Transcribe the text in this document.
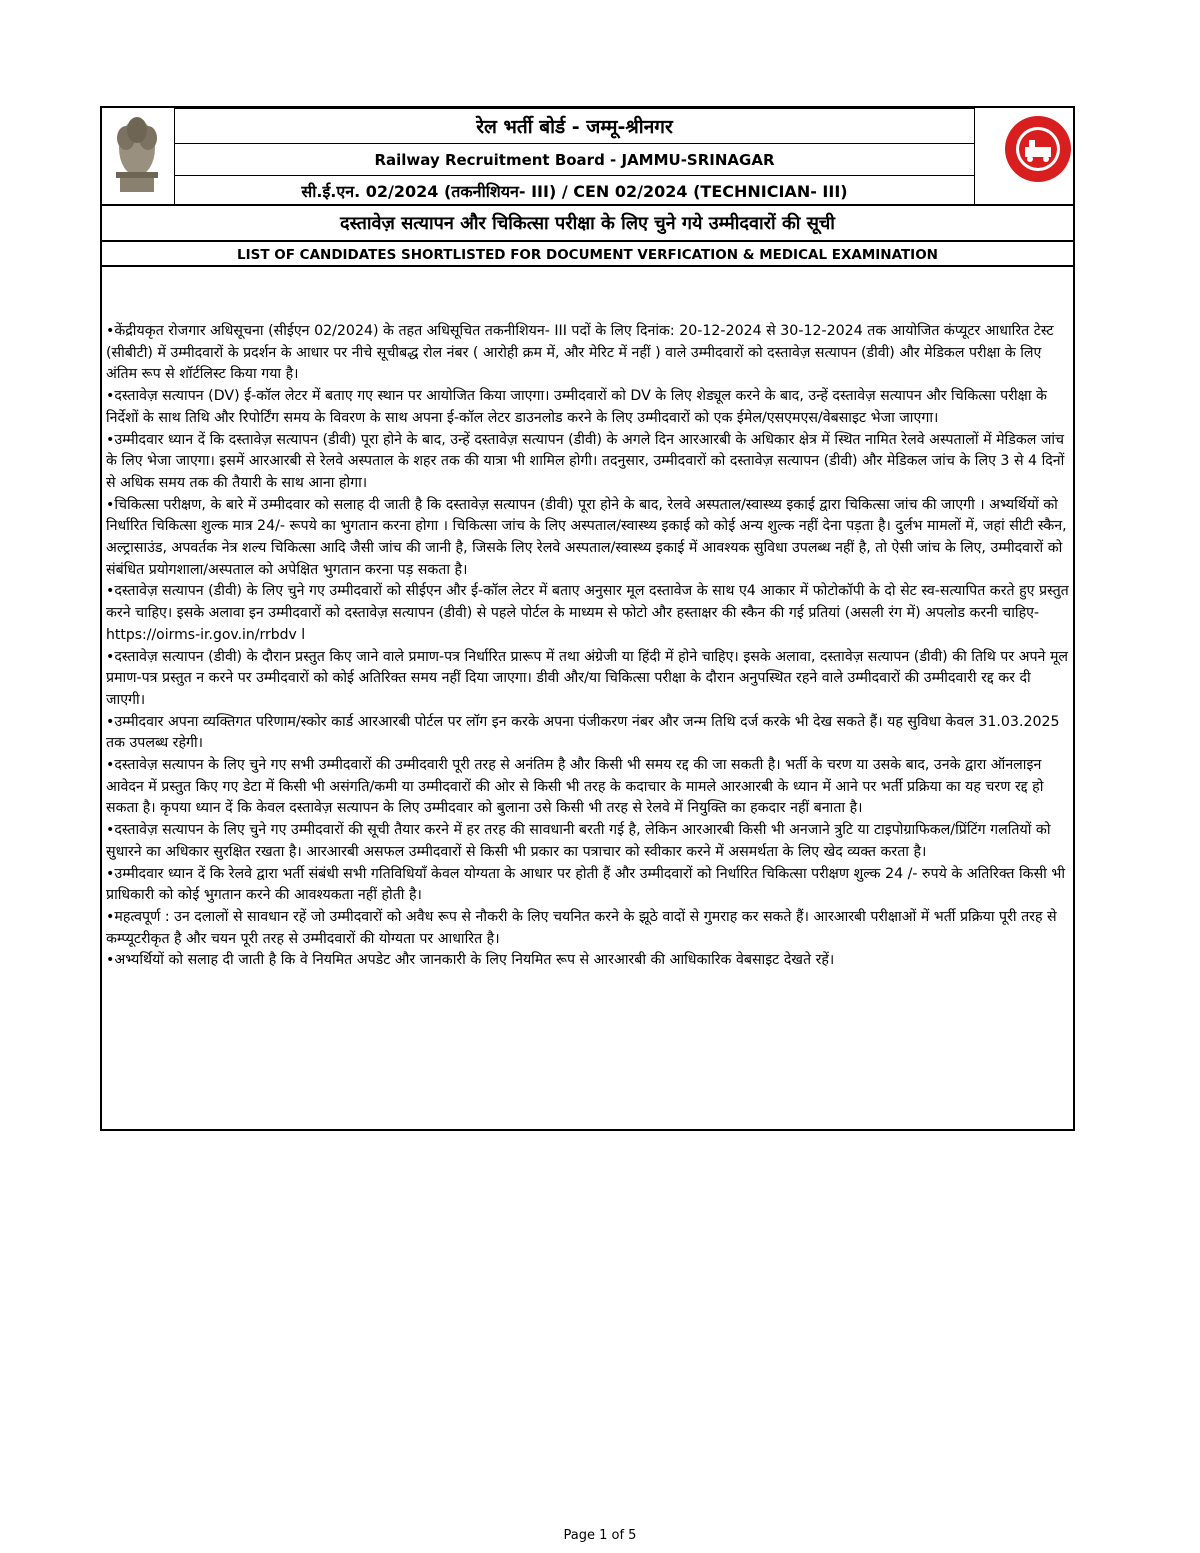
रेल भर्ती बोर्ड - जम्मू-श्रीनगर
Railway Recruitment Board - JAMMU-SRINAGAR
सी.ई.एन. 02/2024 (तकनीशियन- III) / CEN 02/2024 (TECHNICIAN- III)
दस्तावेज़ सत्यापन और चिकित्सा परीक्षा के लिए चुने गये उम्मीदवारों की सूची
LIST OF CANDIDATES SHORTLISTED FOR DOCUMENT VERFICATION & MEDICAL EXAMINATION

•केंद्रीयकृत रोजगार अधिसूचना (सीईएन 02/2024) के तहत अधिसूचित तकनीशियन- III पदों के लिए दिनांक: 20-12-2024 से 30-12-2024 तक आयोजित कंप्यूटर आधारित टेस्ट (सीबीटी) में उम्मीदवारों के प्रदर्शन के आधार पर नीचे सूचीबद्ध रोल नंबर ( आरोही क्रम में, और मेरिट में नहीं ) वाले उम्मीदवारों को दस्तावेज़ सत्यापन (डीवी) और मेडिकल परीक्षा के लिए अंतिम रूप से शॉर्टलिस्ट किया गया है।

•दस्तावेज़ सत्यापन (DV) ई-कॉल लेटर में बताए गए स्थान पर आयोजित किया जाएगा। उम्मीदवारों को DV के लिए शेड्यूल करने के बाद, उन्हें दस्तावेज़ सत्यापन और चिकित्सा परीक्षा के निर्देशों के साथ तिथि और रिपोर्टिंग समय के विवरण के साथ अपना ई-कॉल लेटर डाउनलोड करने के लिए उम्मीदवारों को एक ईमेल/एसएमएस/वेबसाइट भेजा जाएगा।

•उम्मीदवार ध्यान दें कि दस्तावेज़ सत्यापन (डीवी) पूरा होने के बाद, उन्हें दस्तावेज़ सत्यापन (डीवी) के अगले दिन आरआरबी के अधिकार क्षेत्र में स्थित नामित रेलवे अस्पतालों में मेडिकल जांच के लिए भेजा जाएगा। इसमें आरआरबी से रेलवे अस्पताल के शहर तक की यात्रा भी शामिल होगी। तदनुसार, उम्मीदवारों को दस्तावेज़ सत्यापन (डीवी) और मेडिकल जांच के लिए 3 से 4 दिनों से अधिक समय तक की तैयारी के साथ आना होगा।

•चिकित्सा परीक्षण, के बारे में उम्मीदवार को सलाह दी जाती है कि दस्तावेज़ सत्यापन (डीवी) पूरा होने के बाद, रेलवे अस्पताल/स्वास्थ्य इकाई द्वारा चिकित्सा जांच की जाएगी । अभ्यर्थियों को निर्धारित चिकित्सा शुल्क मात्र 24/- रूपये का भुगतान करना होगा । चिकित्सा जांच के लिए अस्पताल/स्वास्थ्य इकाई को कोई अन्य शुल्क नहीं देना पड़ता है। दुर्लभ मामलों में, जहां सीटी स्कैन, अल्ट्रासाउंड, अपवर्तक नेत्र शल्य चिकित्सा आदि जैसी जांच की जानी है, जिसके लिए रेलवे अस्पताल/स्वास्थ्य इकाई में आवश्यक सुविधा उपलब्ध नहीं है, तो ऐसी जांच के लिए, उम्मीदवारों को संबंधित प्रयोगशाला/अस्पताल को अपेक्षित भुगतान करना पड़ सकता है।

•दस्तावेज़ सत्यापन (डीवी) के लिए चुने गए उम्मीदवारों को सीईएन और ई-कॉल लेटर में बताए अनुसार मूल दस्तावेज के साथ ए4 आकार में फोटोकॉपी के दो सेट स्व-सत्यापित करते हुए प्रस्तुत करने चाहिए। इसके अलावा इन उम्मीदवारों को दस्तावेज़ सत्यापन (डीवी) से पहले पोर्टल के माध्यम से फोटो और हस्ताक्षर की स्कैन की गई प्रतियां (असली रंग में) अपलोड करनी चाहिए-

https://oirms-ir.gov.in/rrbdv l

•दस्तावेज़ सत्यापन (डीवी) के दौरान प्रस्तुत किए जाने वाले प्रमाण-पत्र निर्धारित प्रारूप में तथा अंग्रेजी या हिंदी में होने चाहिए। इसके अलावा, दस्तावेज़ सत्यापन (डीवी) की तिथि पर अपने मूल प्रमाण-पत्र प्रस्तुत न करने पर उम्मीदवारों को कोई अतिरिक्त समय नहीं दिया जाएगा। डीवी और/या चिकित्सा परीक्षा के दौरान अनुपस्थित रहने वाले उम्मीदवारों की उम्मीदवारी रद्द कर दी जाएगी।

•उम्मीदवार अपना व्यक्तिगत परिणाम/स्कोर कार्ड आरआरबी पोर्टल पर लॉग इन करके अपना पंजीकरण नंबर और जन्म तिथि दर्ज करके भी देख सकते हैं। यह सुविधा केवल 31.03.2025 तक उपलब्ध रहेगी।

•दस्तावेज़ सत्यापन के लिए चुने गए सभी उम्मीदवारों की उम्मीदवारी पूरी तरह से अनंतिम है और किसी भी समय रद्द की जा सकती है। भर्ती के चरण या उसके बाद, उनके द्वारा ऑनलाइन आवेदन में प्रस्तुत किए गए डेटा में किसी भी असंगति/कमी या उम्मीदवारों की ओर से किसी भी तरह के कदाचार के मामले आरआरबी के ध्यान में आने पर भर्ती प्रक्रिया का यह चरण रद्द हो सकता है। कृपया ध्यान दें कि केवल दस्तावेज़ सत्यापन के लिए उम्मीदवार को बुलाना उसे किसी भी तरह से रेलवे में नियुक्ति का हकदार नहीं बनाता है।

•दस्तावेज़ सत्यापन के लिए चुने गए उम्मीदवारों की सूची तैयार करने में हर तरह की सावधानी बरती गई है, लेकिन आरआरबी किसी भी अनजाने त्रुटि या टाइपोग्राफिकल/प्रिंटिंग गलतियों को सुधारने का अधिकार सुरक्षित रखता है। आरआरबी असफल उम्मीदवारों से किसी भी प्रकार का पत्राचार को स्वीकार करने में असमर्थता के लिए खेद व्यक्त करता है।

•उम्मीदवार ध्यान दें कि रेलवे द्वारा भर्ती संबंधी सभी गतिविधियाँ केवल योग्यता के आधार पर होती हैं और उम्मीदवारों को निर्धारित चिकित्सा परीक्षण शुल्क 24 /- रुपये के अतिरिक्त किसी भी प्राधिकारी को कोई भुगतान करने की आवश्यकता नहीं होती है।

•महत्वपूर्ण : उन दलालों से सावधान रहें जो उम्मीदवारों को अवैध रूप से नौकरी के लिए चयनित करने के झूठे वादों से गुमराह कर सकते हैं। आरआरबी परीक्षाओं में भर्ती प्रक्रिया पूरी तरह से कम्प्यूटरीकृत है और चयन पूरी तरह से उम्मीदवारों की योग्यता पर आधारित है।

•अभ्यर्थियों को सलाह दी जाती है कि वे नियमित अपडेट और जानकारी के लिए नियमित रूप से आरआरबी की आधिकारिक वेबसाइट देखते रहें।

Page 1 of 5
